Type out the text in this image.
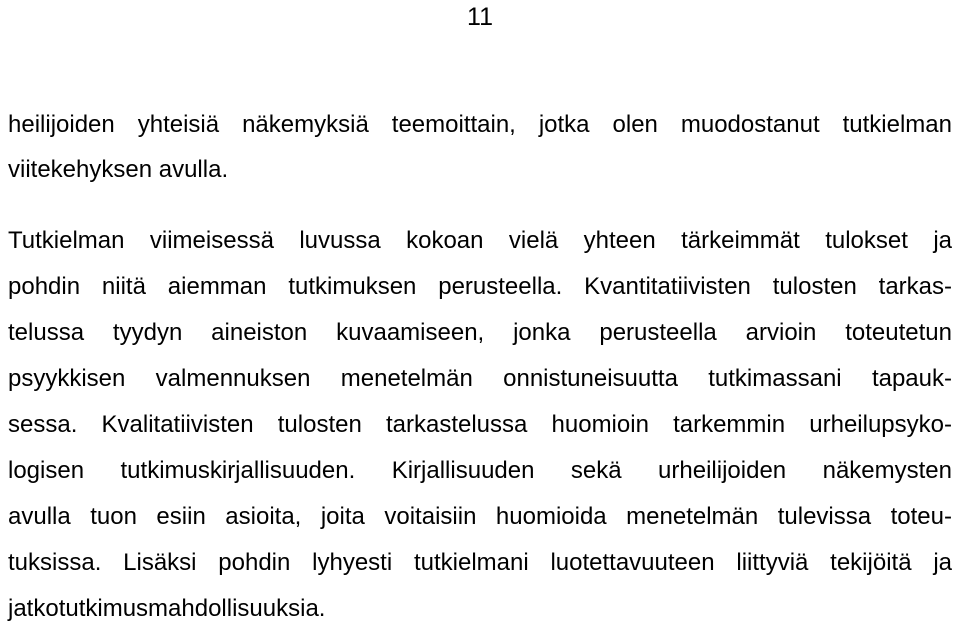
11
heilijoiden yhteisiä näkemyksiä teemoittain, jotka olen muodostanut tutkielman
viitekehyksen avulla.
Tutkielman viimeisessä luvussa kokoan vielä yhteen tärkeimmät tulokset ja
pohdin niitä aiemman tutkimuksen perusteella. Kvantitatiivisten tulosten tarkas-
telussa tyydyn aineiston kuvaamiseen, jonka perusteella arvioin toteutetun
psyykkisen valmennuksen menetelmän onnistuneisuutta tutkimassani tapauk-
sessa. Kvalitatiivisten tulosten tarkastelussa huomioin tarkemmin urheilupsyko-
logisen tutkimuskirjallisuuden. Kirjallisuuden sekä urheilijoiden näkemysten
avulla tuon esiin asioita, joita voitaisiin huomioida menetelmän tulevissa toteu-
tuksissa. Lisäksi pohdin lyhyesti tutkielmani luotettavuuteen liittyviä tekijöitä ja
jatkotutkimusmahdollisuuksia.
